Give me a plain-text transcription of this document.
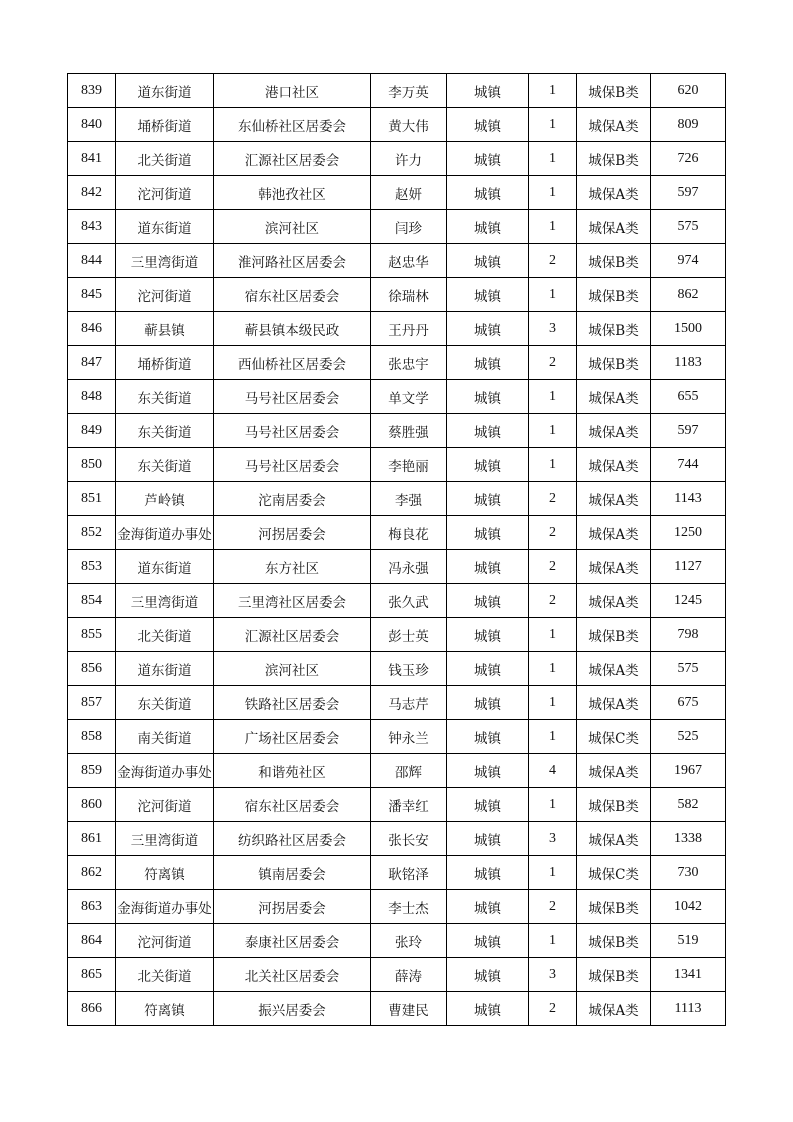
839	道东街道	港口社区	李万英	城镇	1	城保B类	620
840	埇桥街道	东仙桥社区居委会	黄大伟	城镇	1	城保A类	809
841	北关街道	汇源社区居委会	许力	城镇	1	城保B类	726
842	沱河街道	韩池孜社区	赵妍	城镇	1	城保A类	597
843	道东街道	滨河社区	闫珍	城镇	1	城保A类	575
844	三里湾街道	淮河路社区居委会	赵忠华	城镇	2	城保B类	974
845	沱河街道	宿东社区居委会	徐瑞林	城镇	1	城保B类	862
846	蕲县镇	蕲县镇本级民政	王丹丹	城镇	3	城保B类	1500
847	埇桥街道	西仙桥社区居委会	张忠宇	城镇	2	城保B类	1183
848	东关街道	马号社区居委会	单文学	城镇	1	城保A类	655
849	东关街道	马号社区居委会	蔡胜强	城镇	1	城保A类	597
850	东关街道	马号社区居委会	李艳丽	城镇	1	城保A类	744
851	芦岭镇	沱南居委会	李强	城镇	2	城保A类	1143
852	金海街道办事处	河拐居委会	梅良花	城镇	2	城保A类	1250
853	道东街道	东方社区	冯永强	城镇	2	城保A类	1127
854	三里湾街道	三里湾社区居委会	张久武	城镇	2	城保A类	1245
855	北关街道	汇源社区居委会	彭士英	城镇	1	城保B类	798
856	道东街道	滨河社区	钱玉珍	城镇	1	城保A类	575
857	东关街道	铁路社区居委会	马志芹	城镇	1	城保A类	675
858	南关街道	广场社区居委会	钟永兰	城镇	1	城保C类	525
859	金海街道办事处	和谐苑社区	邵辉	城镇	4	城保A类	1967
860	沱河街道	宿东社区居委会	潘幸红	城镇	1	城保B类	582
861	三里湾街道	纺织路社区居委会	张长安	城镇	3	城保A类	1338
862	符离镇	镇南居委会	耿铭泽	城镇	1	城保C类	730
863	金海街道办事处	河拐居委会	李士杰	城镇	2	城保B类	1042
864	沱河街道	泰康社区居委会	张玲	城镇	1	城保B类	519
865	北关街道	北关社区居委会	薛涛	城镇	3	城保B类	1341
866	符离镇	振兴居委会	曹建民	城镇	2	城保A类	1113
